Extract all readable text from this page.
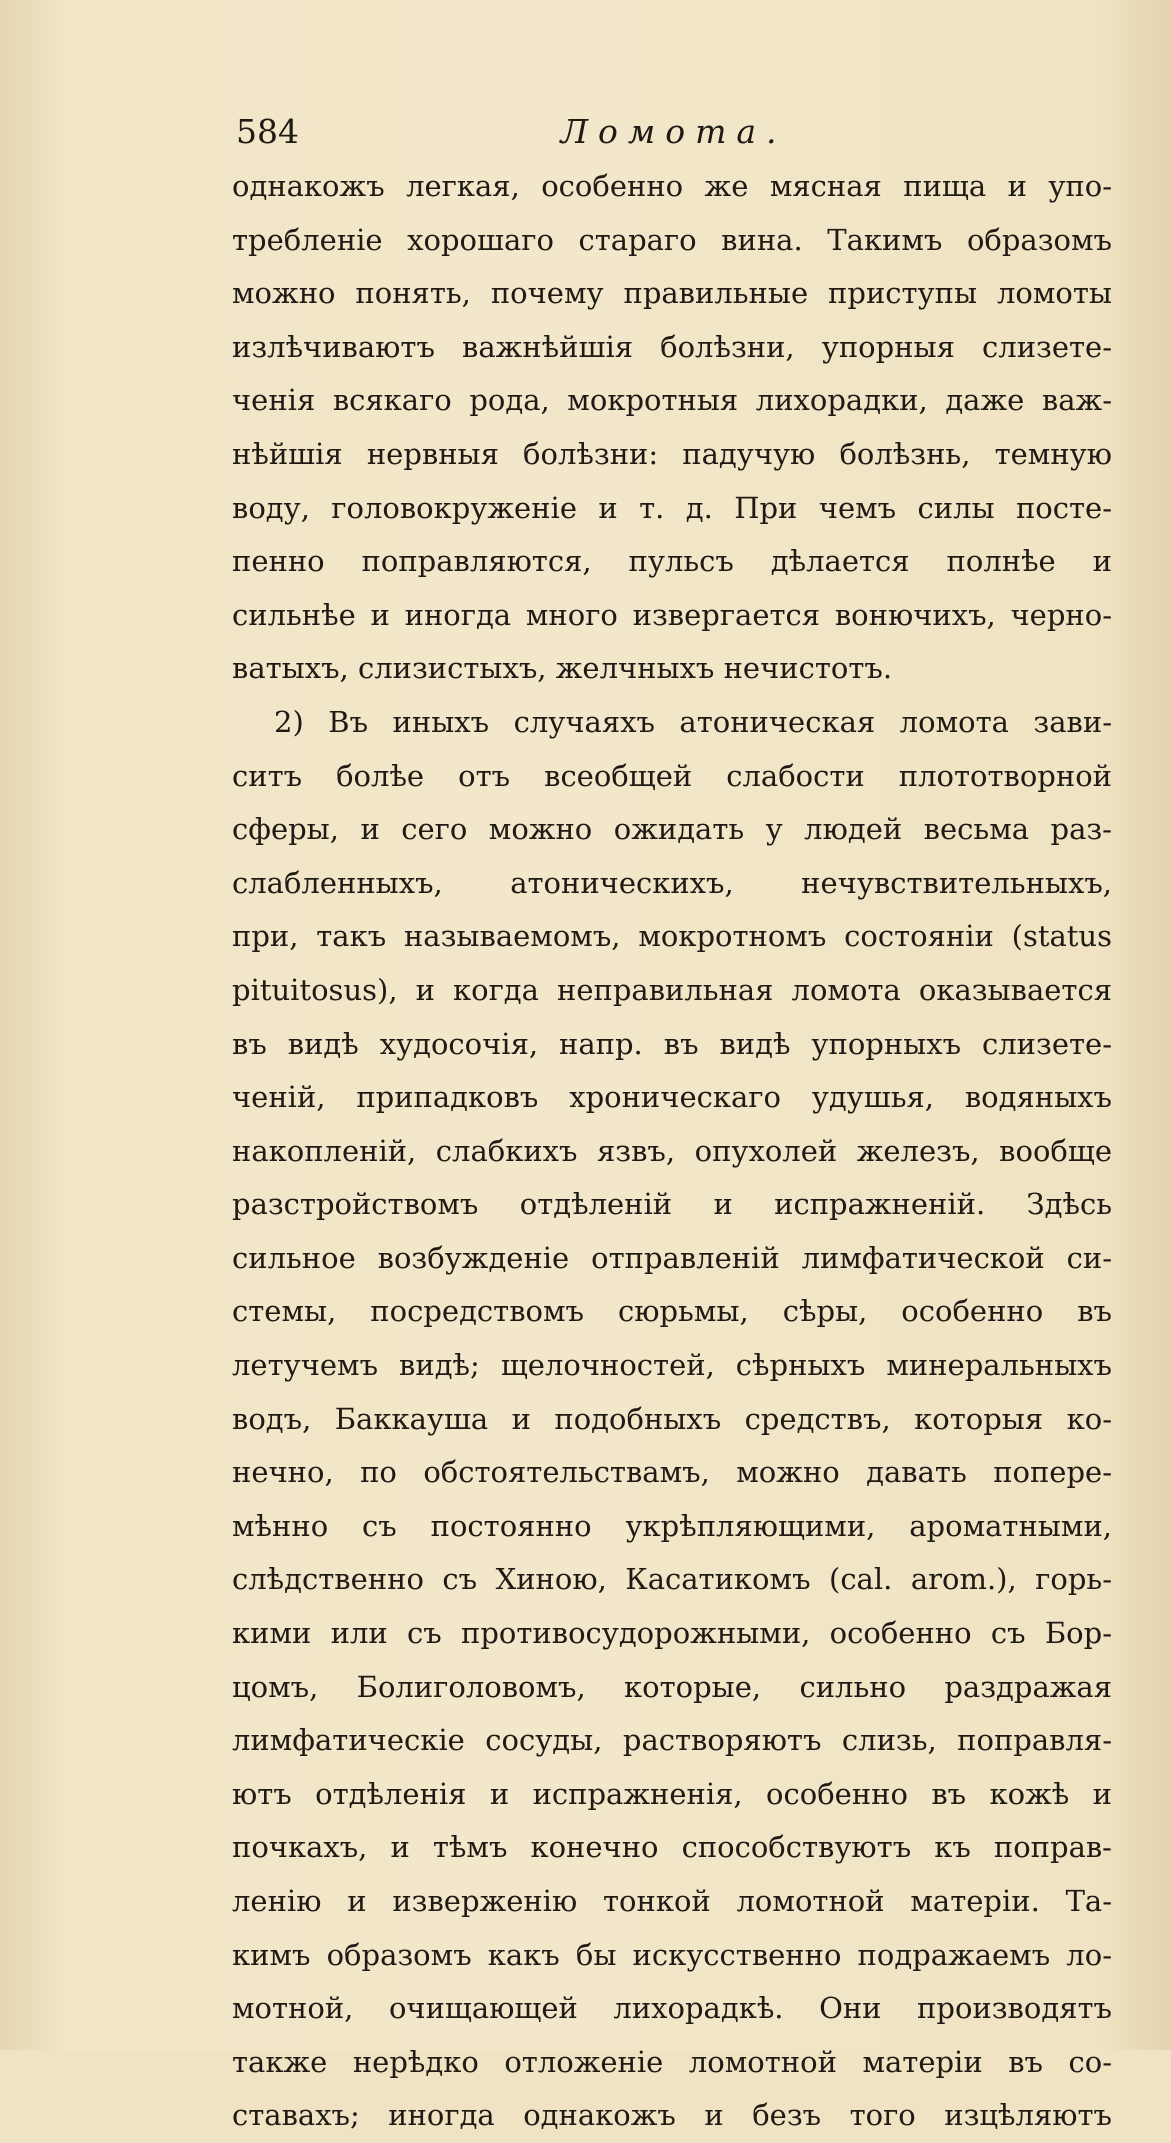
584	Ломота.
однакожъ легкая, особенно же мясная пища и упо-
требленіе хорошаго стараго вина. Такимъ образомъ
можно понять, почему правильные приступы ломоты
излѣчиваютъ важнѣйшія болѣзни, упорныя слизетe-
ченія всякаго рода, мокротныя лихорадки, даже важ-
нѣйшія нервныя болѣзни: падучую болѣзнь, темную
воду, головокруженіе и т. д. При чемъ силы посте-
пенно поправляются, пульсъ дѣлается полнѣе и
сильнѣе и иногда много извергается вонючихъ, черно-
ватыхъ, слизистыхъ, желчныхъ нечистотъ.
2) Въ иныхъ случаяхъ атоническая ломота зави-
ситъ болѣе отъ всеобщей слабости плототворной
сферы, и сего можно ожидать у людей весьма раз-
слабленныхъ, атоническихъ, нечувствительныхъ,
при, такъ называемомъ, мокротномъ состояніи (status
pituitosus), и когда неправильная ломота оказывается
въ видѣ худосочія, напр. въ видѣ упорныхъ слизете-
ченій, припадковъ хроническаго удушья, водяныхъ
накопленій, слабкихъ язвъ, опухолей железъ, вообще
разстройствомъ отдѣленій и испражненій. Здѣсь
сильное возбужденіе отправленій лимфатической си-
стемы, посредствомъ сюрьмы, сѣры, особенно въ
летучемъ видѣ; щелочностей, сѣрныхъ минеральныхъ
водъ, Баккауша и подобныхъ средствъ, которыя ко-
нечно, по обстоятельствамъ, можно давать попере-
мѣнно съ постоянно укрѣпляющими, ароматными,
слѣдственно съ Хиною, Касатикомъ (cal. arom.), горь-
кими или съ противосудорожными, особенно съ Бор-
цомъ, Болиголовомъ, которые, сильно раздражая
лимфатическіе сосуды, растворяютъ слизь, поправля-
ютъ отдѣленія и испражненія, особенно въ кожѣ и
почкахъ, и тѣмъ конечно способствуютъ къ поправ-
ленію и изверженію тонкой ломотной матеріи. Та-
кимъ образомъ какъ бы искусственно подражаемъ ло-
мотной, очищающей лихорадкѣ. Они производятъ
также нерѣдко отложеніе ломотной матеріи въ со-
ставахъ; иногда однакожъ и безъ того изцѣляютъ
